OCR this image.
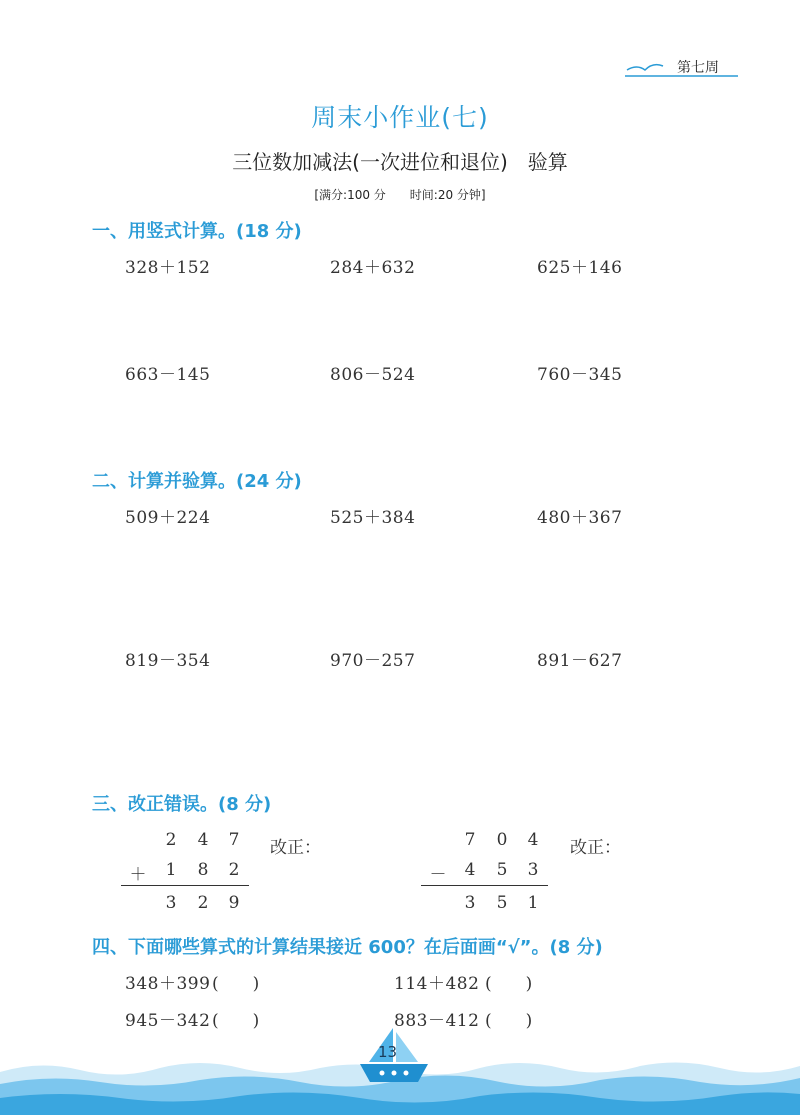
第七周
周末小作业(七)
三位数加减法(一次进位和退位)　验算
[满分:100 分　　时间:20 分钟]
一、用竖式计算。(18 分)
328＋152	284＋632	625＋146
663－145	806－524	760－345
二、计算并验算。(24 分)
509＋224	525＋384	480＋367
819－354	970－257	891－627
三、改正错误。(8 分)
2 4 7
＋ 1 8 2
3 2 9
改正：	7 0 4
－ 4 5 3
3 5 1
改正：
四、下面哪些算式的计算结果接近 600？在后面画“√”。(8 分)
348＋399 (　　)	114＋482 (　　)
945－342 (　　)	883－412 (　　)
13
